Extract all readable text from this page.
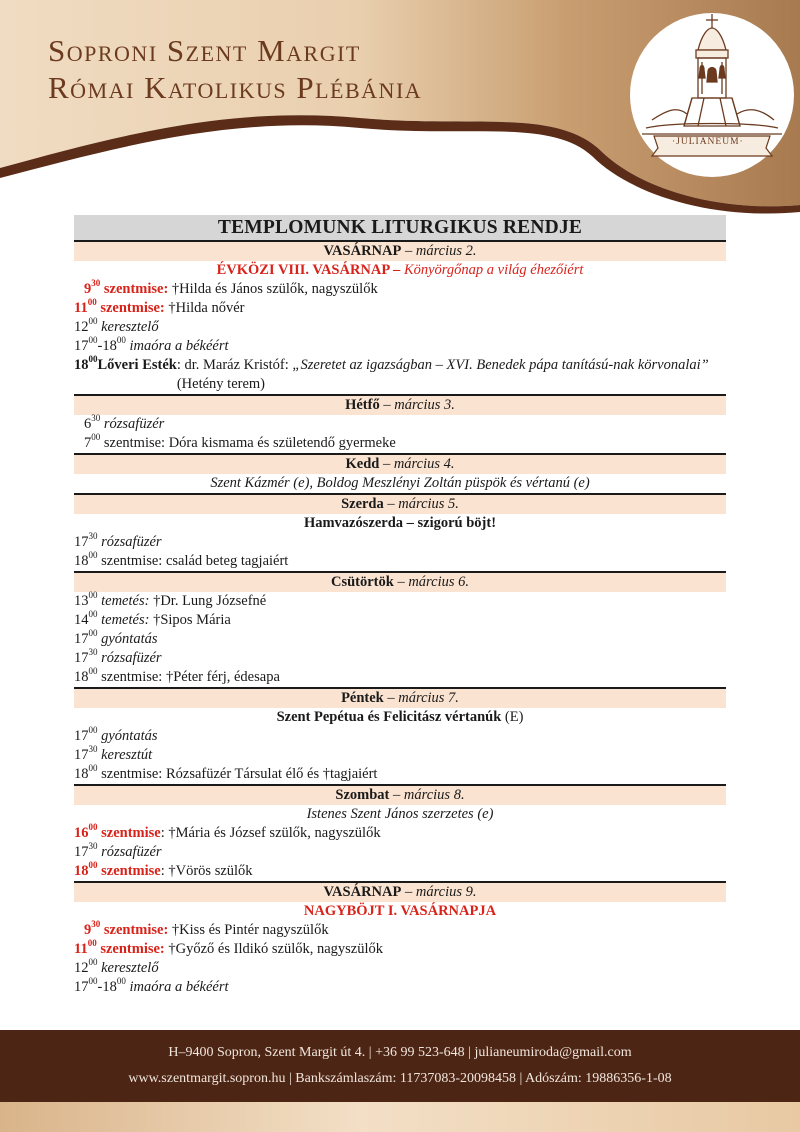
Soproni Szent Margit
Római Katolikus Plébánia
·JULIANEUM·
TEMPLOMUNK LITURGIKUS RENDJE
VASÁRNAP – március 2.
ÉVKÖZI VIII. VASÁRNAP – Könyörgőnap a világ éhezőiért
$9^{30}$ szentmise: †Hilda és János szülők, nagyszülők
$11^{00}$ szentmise: †Hilda nővér
$12^{00}$ keresztelő
$17^{00}-18^{00}$ imaóra a békéért
$18^{00}Lőveri$ Esték : dr. Maráz Kristóf: „Szeretet az igazságban – XVI. Benedek pápa tanítású-nak körvonalai” (Hetény terem)
Hétfő – március 3.
$6^{30}$ rózsafüzér
$7^{00}$ szentmise: Dóra kismama és születendő gyermeke
Kedd – március 4.
Szent Kázmér (e), Boldog Meszlényi Zoltán püspök és vértanú (e)
Szerda – március 5.
Hamvazószerda – szigorú böjt!
$17^{30}$ rózsafüzér
$18^{00}$ szentmise: család beteg tagjaiért
Csütörtök – március 6.
$13^{00}$ temetés: †Dr. Lung Józsefné
$14^{00}$ temetés: †Sipos Mária
$17^{00}$ gyóntatás
$17^{30}$ rózsafüzér
$18^{00}$ szentmise: †Péter férj, édesapa
Péntek – március 7.
Szent Pepétua és Felicitász vértanúk (E)
$17^{00}$ gyóntatás
$17^{30}$ keresztút
$18^{00}$ szentmise: Rózsafüzér Társulat élő és †tagjaiért
Szombat – március 8.
Istenes Szent János szerzetes (e)
$16^{00}$ szentmise: †Mária és József szülők, nagyszülők
$17^{30}$ rózsafüzér
$18^{00}$ szentmise: †Vörös szülők
VASÁRNAP – március 9.
NAGYBÖJT I. VASÁRNAPJA
$9^{30}$ szentmise: †Kiss és Pintér nagyszülők
$11^{00}$ szentmise: †Győző és Ildikó szülők, nagyszülők
$12^{00}$ keresztelő
$17^{00}-18^{00}$ imaóra a békéért
H–9400 Sopron, Szent Margit út 4. | +36 99 523-648 | julianeumiroda@gmail.com
www.szentmargit.sopron.hu | Bankszámlaszám: 11737083-20098458 | Adószám: 19886356-1-08
